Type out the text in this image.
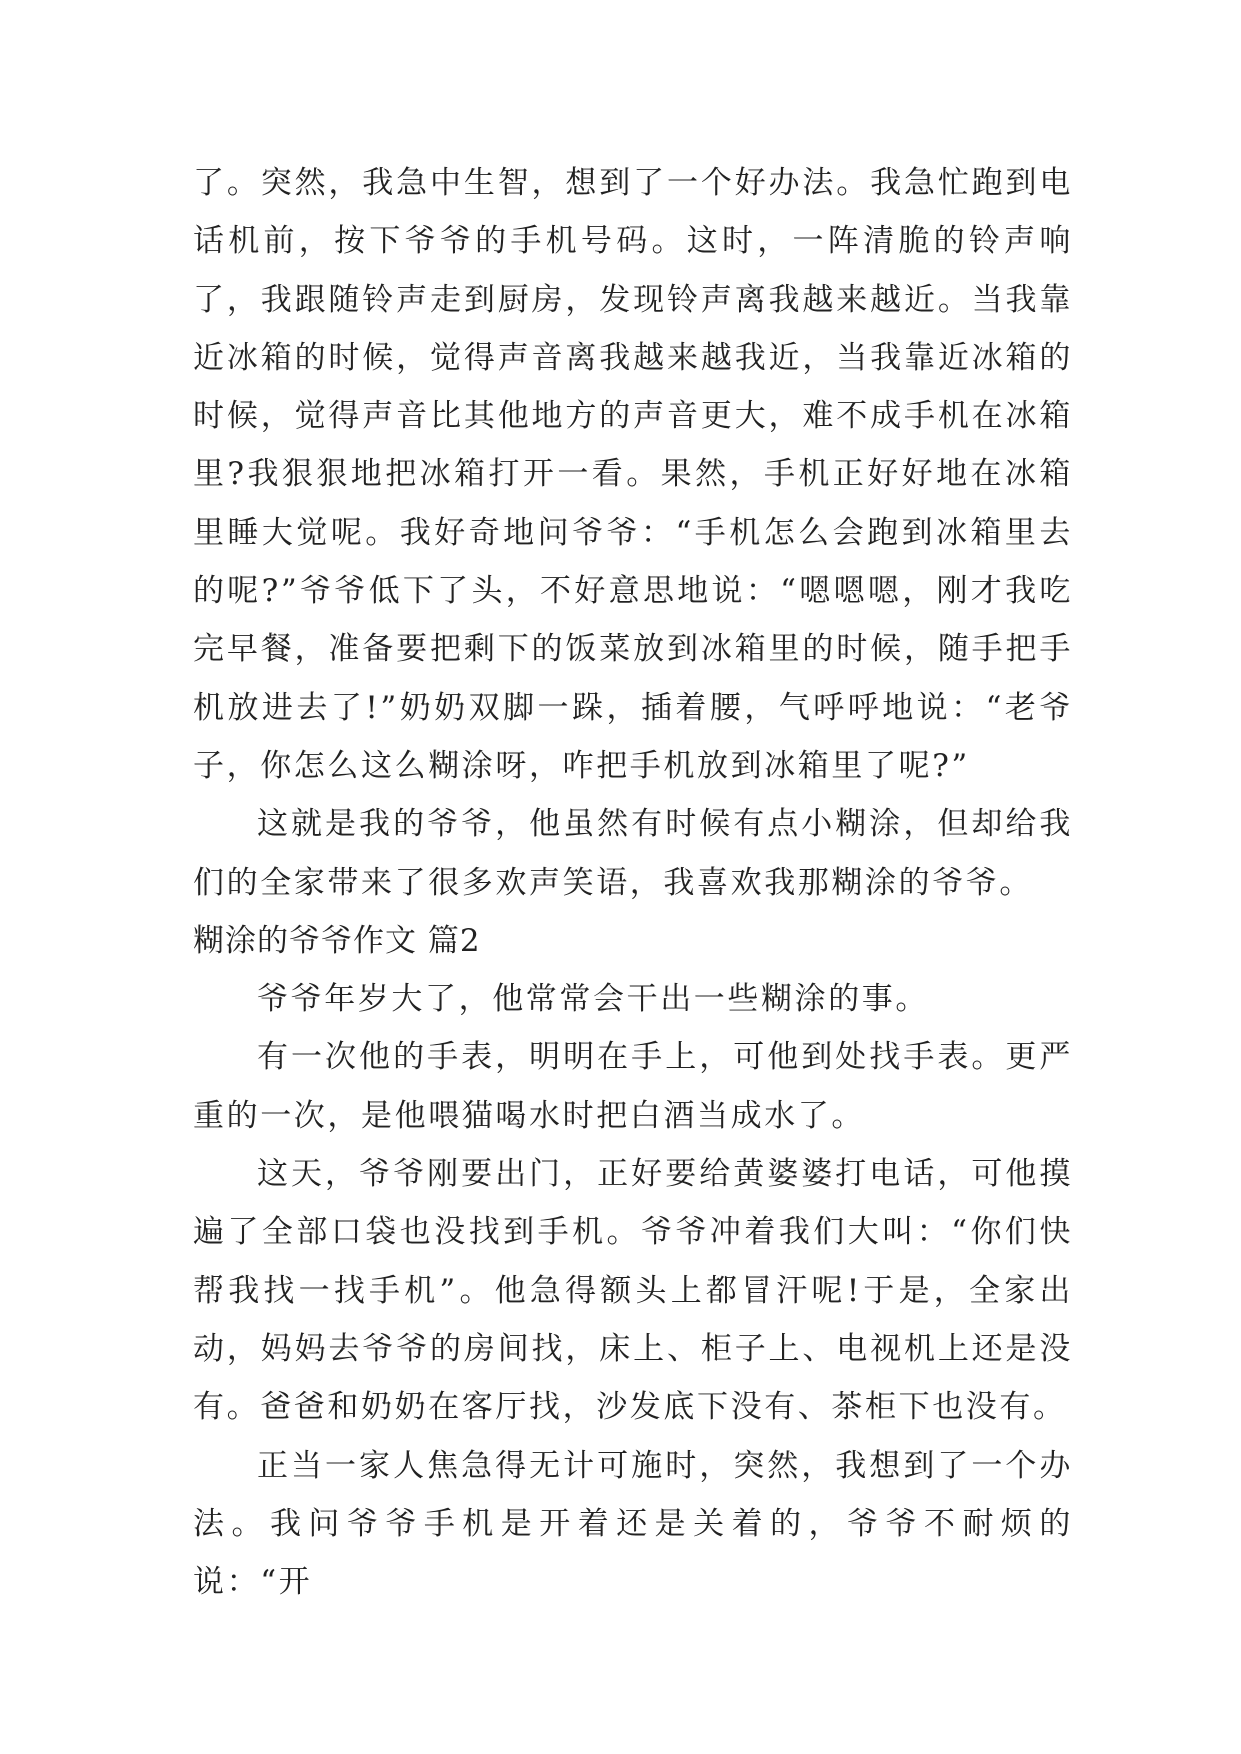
了。突然，我急中生智，想到了一个好办法。我急忙跑到电话机前，按下爷爷的手机号码。这时，一阵清脆的铃声响了，我跟随铃声走到厨房，发现铃声离我越来越近。当我靠近冰箱的时候，觉得声音离我越来越我近，当我靠近冰箱的时候，觉得声音比其他地方的声音更大，难不成手机在冰箱里?我狠狠地把冰箱打开一看。果然，手机正好好地在冰箱里睡大觉呢。我好奇地问爷爷：“手机怎么会跑到冰箱里去的呢?”爷爷低下了头，不好意思地说：“嗯嗯嗯，刚才我吃完早餐，准备要把剩下的饭菜放到冰箱里的时候，随手把手机放进去了!”奶奶双脚一跺，插着腰，气呼呼地说：“老爷子，你怎么这么糊涂呀，咋把手机放到冰箱里了呢?”

这就是我的爷爷，他虽然有时候有点小糊涂，但却给我们的全家带来了很多欢声笑语，我喜欢我那糊涂的爷爷。

糊涂的爷爷作文 篇2

爷爷年岁大了，他常常会干出一些糊涂的事。

有一次他的手表，明明在手上，可他到处找手表。更严重的一次，是他喂猫喝水时把白酒当成水了。

这天，爷爷刚要出门，正好要给黄婆婆打电话，可他摸遍了全部口袋也没找到手机。爷爷冲着我们大叫：“你们快帮我找一找手机”。他急得额头上都冒汗呢!于是，全家出动，妈妈去爷爷的房间找，床上、柜子上、电视机上还是没有。爸爸和奶奶在客厅找，沙发底下没有、茶柜下也没有。

正当一家人焦急得无计可施时，突然，我想到了一个办法。我问爷爷手机是开着还是关着的，爷爷不耐烦的说：“开
